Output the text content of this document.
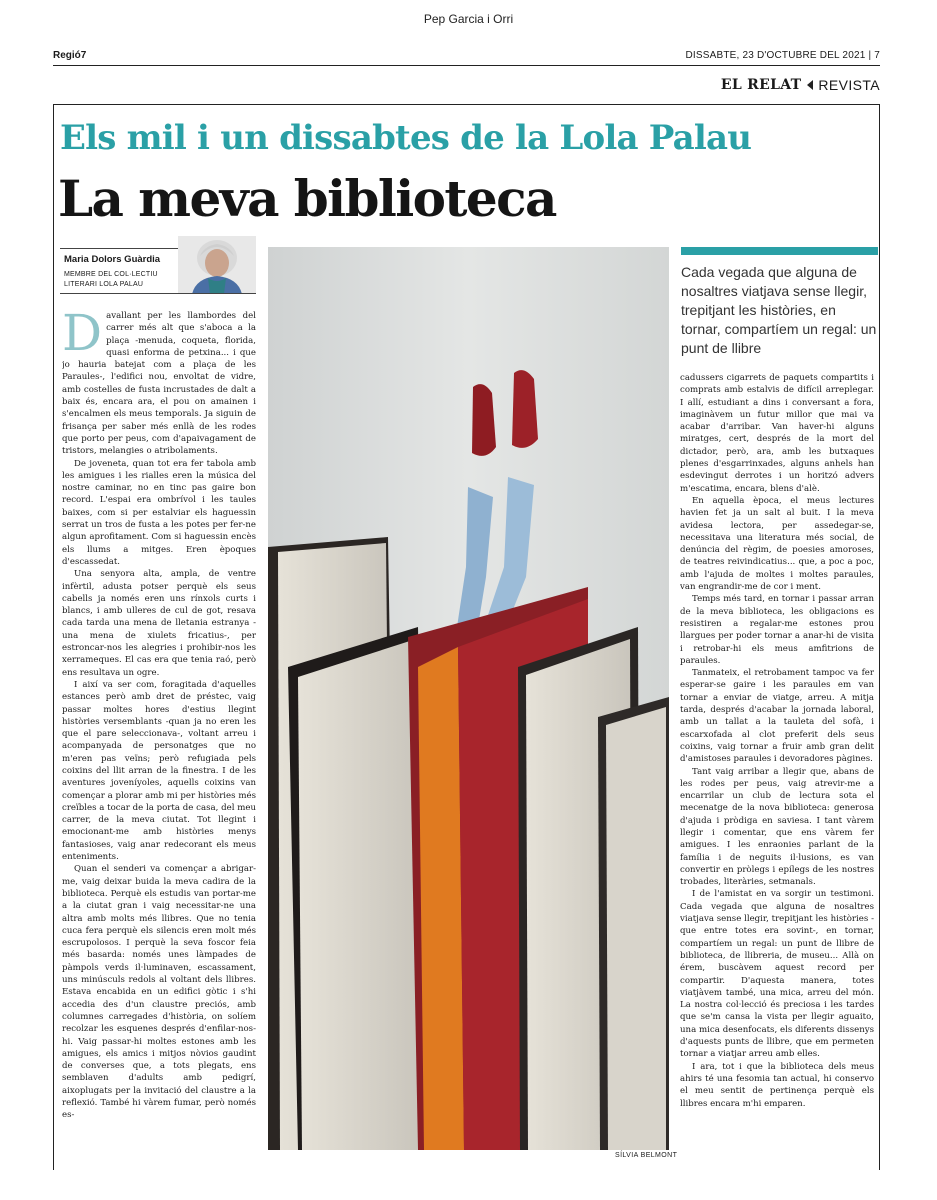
Pep Garcia i Orri
Regió7	DISSABTE, 23 D'OCTUBRE DEL 2021 | 7
EL RELAT REVISTA
Els mil i un dissabtes de la Lola Palau
La meva biblioteca
Maria Dolors Guàrdia
MEMBRE DEL COL·LECTIU LITERARI LOLA PALAU
SÍLVIA BELMONT
Cada vegada que alguna de nosaltres viatjava sense llegir, trepitjant les històries, en tornar, compartíem un regal: un punt de llibre

Davallant per les llambordes del carrer més alt que s'aboca a la plaça -menuda, coqueta, florida, quasi enforma de petxina... i que jo hauria batejat com a plaça de les Paraules-, l'edifici nou, envoltat de vidre, amb costelles de fusta incrustades de dalt a baix és, encara ara, el pou on amainen i s'encalmen els meus temporals. Ja siguin de frisança per saber més enllà de les rodes que porto per peus, com d'apaivagament de tristors, melangies o atribolaments.

De joveneta, quan tot era fer tabola amb les amigues i les rialles eren la música del nostre caminar, no en tinc pas gaire bon record. L'espai era ombrívol i les taules baixes, com si per estalviar els haguessin serrat un tros de fusta a les potes per fer-ne algun aprofitament. Com si haguessin encès els llums a mitges. Eren èpoques d'escassedat.

Una senyora alta, ampla, de ventre infèrtil, adusta potser perquè els seus cabells ja només eren uns rínxols curts i blancs, i amb ulleres de cul de got, resava cada tarda una mena de lletania estranya -una mena de xiulets fricatius-, per estroncar-nos les alegries i prohibir-nos les xerrameques. El cas era que tenia raó, però ens resultava un ogre.

I així va ser com, foragitada d'aquelles estances però amb dret de préstec, vaig passar moltes hores d'estius llegint històries versemblants -quan ja no eren les que el pare seleccionava-, voltant arreu i acompanyada de personatges que no m'eren pas veïns; però refugiada pels coixins del llit arran de la finestra. I de les aventures joveníyoles, aquells coixins van començar a plorar amb mi per històries més creïbles a tocar de la porta de casa, del meu carrer, de la meva ciutat. Tot llegint i emocionant-me amb històries menys fantasioses, vaig anar redecorant els meus enteniments.

Quan el senderi va començar a abrigar-me, vaig deixar buida la meva cadira de la biblioteca. Perquè els estudis van portar-me a la ciutat gran i vaig necessitar-ne una altra amb molts més llibres. Que no tenia cuca fera perquè els silencis eren molt més escrupolosos. I perquè la seva foscor feia més basarda: només unes làmpades de pàmpols verds il·luminaven, escassament, uns minúsculs redols al voltant dels llibres. Estava encabida en un edifici gòtic i s'hi accedia des d'un claustre preciós, amb columnes carregades d'història, on solíem recolzar les esquenes després d'enfilar-nos-hi. Vaig passar-hi moltes estones amb les amigues, els amics i mitjos nòvios gaudint de converses que, a tots plegats, ens semblaven d'adults amb pedigrí, aixoplugats per la invitació del claustre a la reflexió. També hi vàrem fumar, però només es-

cadussers cigarrets de paquets compartits i comprats amb estalvis de difícil arreplegar. I allí, estudiant a dins i conversant a fora, imaginàvem un futur millor que mai va acabar d'arribar. Van haver-hi alguns miratges, cert, després de la mort del dictador, però, ara, amb les butxaques plenes d'esgarrinxades, alguns anhels han esdevingut derrotes i un horitzó advers m'escatima, encara, blens d'alè.

En aquella època, el meus lectures havien fet ja un salt al buit. I la meva avidesa lectora, per assedegar-se, necessitava una literatura més social, de denúncia del règim, de poesies amoroses, de teatres reivindicatius... que, a poc a poc, amb l'ajuda de moltes i moltes paraules, van engrandir-me de cor i ment.

Temps més tard, en tornar i passar arran de la meva biblioteca, les obligacions es resistiren a regalar-me estones prou llargues per poder tornar a anar-hi de visita i retrobar-hi els meus amfitrions de paraules.

Tanmateix, el retrobament tampoc va fer esperar-se gaire i les paraules em van tornar a enviar de viatge, arreu. A mitja tarda, després d'acabar la jornada laboral, amb un tallat a la tauleta del sofà, i escarxofada al clot preferit dels seus coixins, vaig tornar a fruir amb gran delit d'amistoses paraules i devoradores pàgines.

Tant vaig arribar a llegir que, abans de les rodes per peus, vaig atrevir-me a encarrilar un club de lectura sota el mecenatge de la nova biblioteca: generosa d'ajuda i pròdiga en saviesa. I tant vàrem llegir i comentar, que ens vàrem fer amigues. I les enraonies parlant de la família i de neguits il·lusions, es van convertir en pròlegs i epílegs de les nostres trobades, literàries, setmanals.

I de l'amistat en va sorgir un testimoni. Cada vegada que alguna de nosaltres viatjava sense llegir, trepitjant les històries -que entre totes era sovint-, en tornar, compartíem un regal: un punt de llibre de biblioteca, de llibreria, de museu... Allà on érem, buscàvem aquest record per compartir. D'aquesta manera, totes viatjàvem també, una mica, arreu del món. La nostra col·lecció és preciosa i les tardes que se'm cansa la vista per llegir aguaito, una mica desenfocats, els diferents dissenys d'aquests punts de llibre, que em permeten tornar a viatjar arreu amb elles.

I ara, tot i que la biblioteca dels meus ahirs té una fesomia tan actual, hi conservo el meu sentit de pertinença perquè els llibres encara m'hi emparen.
